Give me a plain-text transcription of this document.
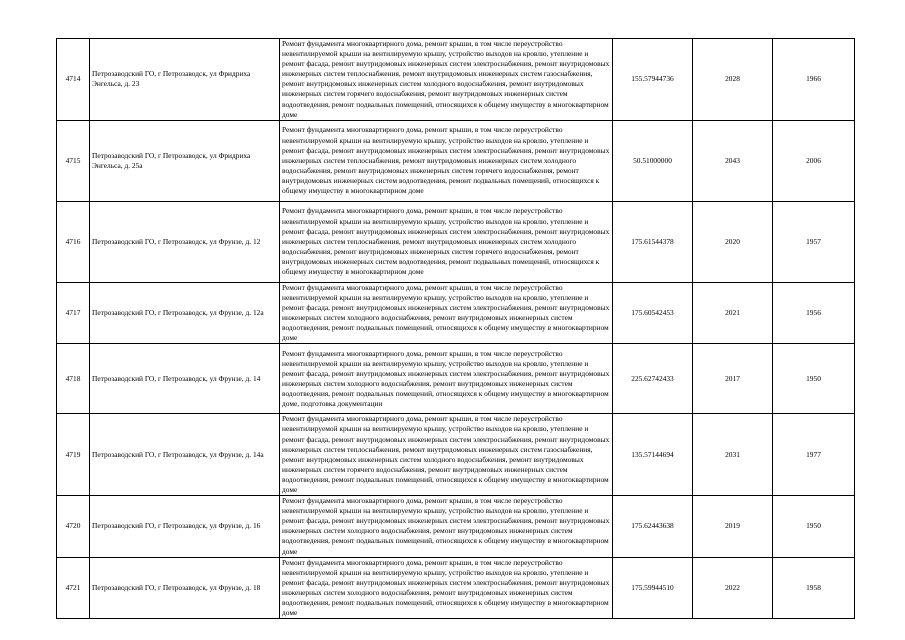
4714	Петрозаводский ГО, г Петрозаводск, ул Фридриха Энгельса, д. 23	Ремонт фундамента многоквартирного дома, ремонт крыши, в том числе переустройство невентилируемой крыши на вентилируемую крышу, устройство выходов на кровлю, утепление и ремонт фасада, ремонт внутридомовых инженерных систем электроснабжения, ремонт внутридомовых инженерных систем теплоснабжения, ремонт внутридомовых инженерных систем газоснабжения, ремонт внутридомовых инженерных систем холодного водоснабжения, ремонт внутридомовых инженерных систем горячего водоснабжения, ремонт внутридомовых инженерных систем водоотведения, ремонт подвальных помещений, относящихся к общему имуществу в многоквартирном доме	155.57944736	2028	1966
4715	Петрозаводский ГО, г Петрозаводск, ул Фридриха Энгельса, д. 25а	Ремонт фундамента многоквартирного дома, ремонт крыши, в том числе переустройство невентилируемой крыши на вентилируемую крышу, устройство выходов на кровлю, утепление и ремонт фасада, ремонт внутридомовых инженерных систем электроснабжения, ремонт внутридомовых инженерных систем теплоснабжения, ремонт внутридомовых инженерных систем холодного водоснабжения, ремонт внутридомовых инженерных систем горячего водоснабжения, ремонт внутридомовых инженерных систем водоотведения, ремонт подвальных помещений, относящихся к общему имуществу в многоквартирном доме	50.51000000	2043	2006
4716	Петрозаводский ГО, г Петрозаводск, ул Фрунзе, д. 12	Ремонт фундамента многоквартирного дома, ремонт крыши, в том числе переустройство невентилируемой крыши на вентилируемую крышу, устройство выходов на кровлю, утепление и ремонт фасада, ремонт внутридомовых инженерных систем электроснабжения, ремонт внутридомовых инженерных систем теплоснабжения, ремонт внутридомовых инженерных систем холодного водоснабжения, ремонт внутридомовых инженерных систем горячего водоснабжения, ремонт внутридомовых инженерных систем водоотведения, ремонт подвальных помещений, относящихся к общему имуществу в многоквартирном доме	175.61544378	2020	1957
4717	Петрозаводский ГО, г Петрозаводск, ул Фрунзе, д. 12а	Ремонт фундамента многоквартирного дома, ремонт крыши, в том числе переустройство невентилируемой крыши на вентилируемую крышу, устройство выходов на кровлю, утепление и ремонт фасада, ремонт внутридомовых инженерных систем электроснабжения, ремонт внутридомовых инженерных систем холодного водоснабжения, ремонт внутридомовых инженерных систем водоотведения, ремонт подвальных помещений, относящихся к общему имуществу в многоквартирном доме	175.60542453	2021	1956
4718	Петрозаводский ГО, г Петрозаводск, ул Фрунзе, д. 14	Ремонт фундамента многоквартирного дома, ремонт крыши, в том числе переустройство невентилируемой крыши на вентилируемую крышу, устройство выходов на кровлю, утепление и ремонт фасада, ремонт внутридомовых инженерных систем электроснабжения, ремонт внутридомовых инженерных систем холодного водоснабжения, ремонт внутридомовых инженерных систем водоотведения, ремонт подвальных помещений, относящихся к общему имуществу в многоквартирном доме, подготовка документации	225.62742433	2017	1950
4719	Петрозаводский ГО, г Петрозаводск, ул Фрунзе, д. 14а	Ремонт фундамента многоквартирного дома, ремонт крыши, в том числе переустройство невентилируемой крыши на вентилируемую крышу, устройство выходов на кровлю, утепление и ремонт фасада, ремонт внутридомовых инженерных систем электроснабжения, ремонт внутридомовых инженерных систем теплоснабжения, ремонт внутридомовых инженерных систем газоснабжения, ремонт внутридомовых инженерных систем холодного водоснабжения, ремонт внутридомовых инженерных систем горячего водоснабжения, ремонт внутридомовых инженерных систем водоотведения, ремонт подвальных помещений, относящихся к общему имуществу в многоквартирном доме	135.57144694	2031	1977
4720	Петрозаводский ГО, г Петрозаводск, ул Фрунзе, д. 16	Ремонт фундамента многоквартирного дома, ремонт крыши, в том числе переустройство невентилируемой крыши на вентилируемую крышу, устройство выходов на кровлю, утепление и ремонт фасада, ремонт внутридомовых инженерных систем электроснабжения, ремонт внутридомовых инженерных систем холодного водоснабжения, ремонт внутридомовых инженерных систем водоотведения, ремонт подвальных помещений, относящихся к общему имуществу в многоквартирном доме	175.62443638	2019	1950
4721	Петрозаводский ГО, г Петрозаводск, ул Фрунзе, д. 18	Ремонт фундамента многоквартирного дома, ремонт крыши, в том числе переустройство невентилируемой крыши на вентилируемую крышу, устройство выходов на кровлю, утепление и ремонт фасада, ремонт внутридомовых инженерных систем электроснабжения, ремонт внутридомовых инженерных систем холодного водоснабжения, ремонт внутридомовых инженерных систем водоотведения, ремонт подвальных помещений, относящихся к общему имуществу в многоквартирном доме	175.59944510	2022	1958
